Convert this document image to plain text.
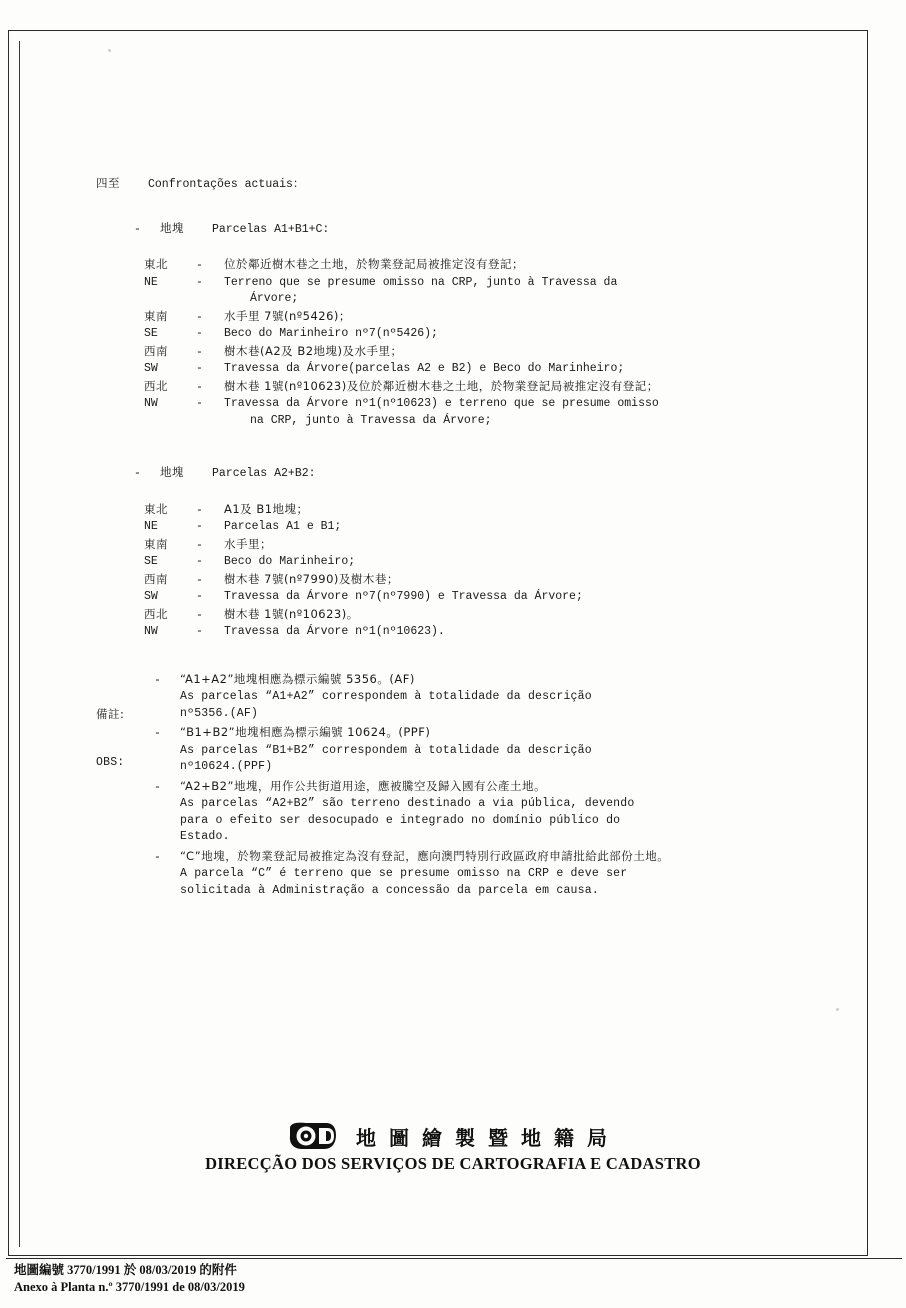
四至	Confrontações actuais：
-	地塊	Parcelas A1+B1+C:
東北	-	位於鄰近樹木巷之土地，於物業登記局被推定沒有登記；
NE	-	Terreno que se presume omisso na CRP, junto à Travessa da
Árvore;
東南	-	水手里 7號(nº5426)；
SE	-	Beco do Marinheiro nº7(nº5426);
西南	-	樹木巷(A2及 B2地塊)及水手里；
SW	-	Travessa da Árvore(parcelas A2 e B2) e Beco do Marinheiro;
西北	-	樹木巷 1號(nº10623)及位於鄰近樹木巷之土地，於物業登記局被推定沒有登記；
NW	-	Travessa da Árvore nº1(nº10623) e terreno que se presume omisso
na CRP, junto à Travessa da Árvore;
-	地塊	Parcelas A2+B2:
東北	-	A1及 B1地塊；
NE	-	Parcelas A1 e B1;
東南	-	水手里；
SE	-	Beco do Marinheiro;
西南	-	樹木巷 7號(nº7990)及樹木巷；
SW	-	Travessa da Árvore nº7(nº7990) e Travessa da Árvore;
西北	-	樹木巷 1號(nº10623)。
NW	-	Travessa da Árvore nº1(nº10623).

備註:

OBS:

-	“A1+A2”地塊相應為標示編號 5356。(AF)
As parcelas “A1+A2” correspondem à totalidade da descrição
nº5356.(AF)
-	“B1+B2”地塊相應為標示編號 10624。(PPF)
As parcelas “B1+B2” correspondem à totalidade da descrição
nº10624.(PPF)
-	“A2+B2”地塊，用作公共街道用途，應被騰空及歸入國有公產土地。
As parcelas “A2+B2” são terreno destinado a via pública, devendo
para o efeito ser desocupado e integrado no domínio público do
Estado.
-	“C”地塊，於物業登記局被推定為沒有登記，應向澳門特別行政區政府申請批給此部份土地。
A parcela “C” é terreno que se presume omisso na CRP e deve ser
solicitada à Administração a concessão da parcela em causa.
地圖繪製暨地籍局
DIRECÇÃO DOS SERVIÇOS DE CARTOGRAFIA E CADASTRO
地圖編號 3770/1991 於 08/03/2019 的附件
Anexo à Planta n.º 3770/1991 de 08/03/2019
